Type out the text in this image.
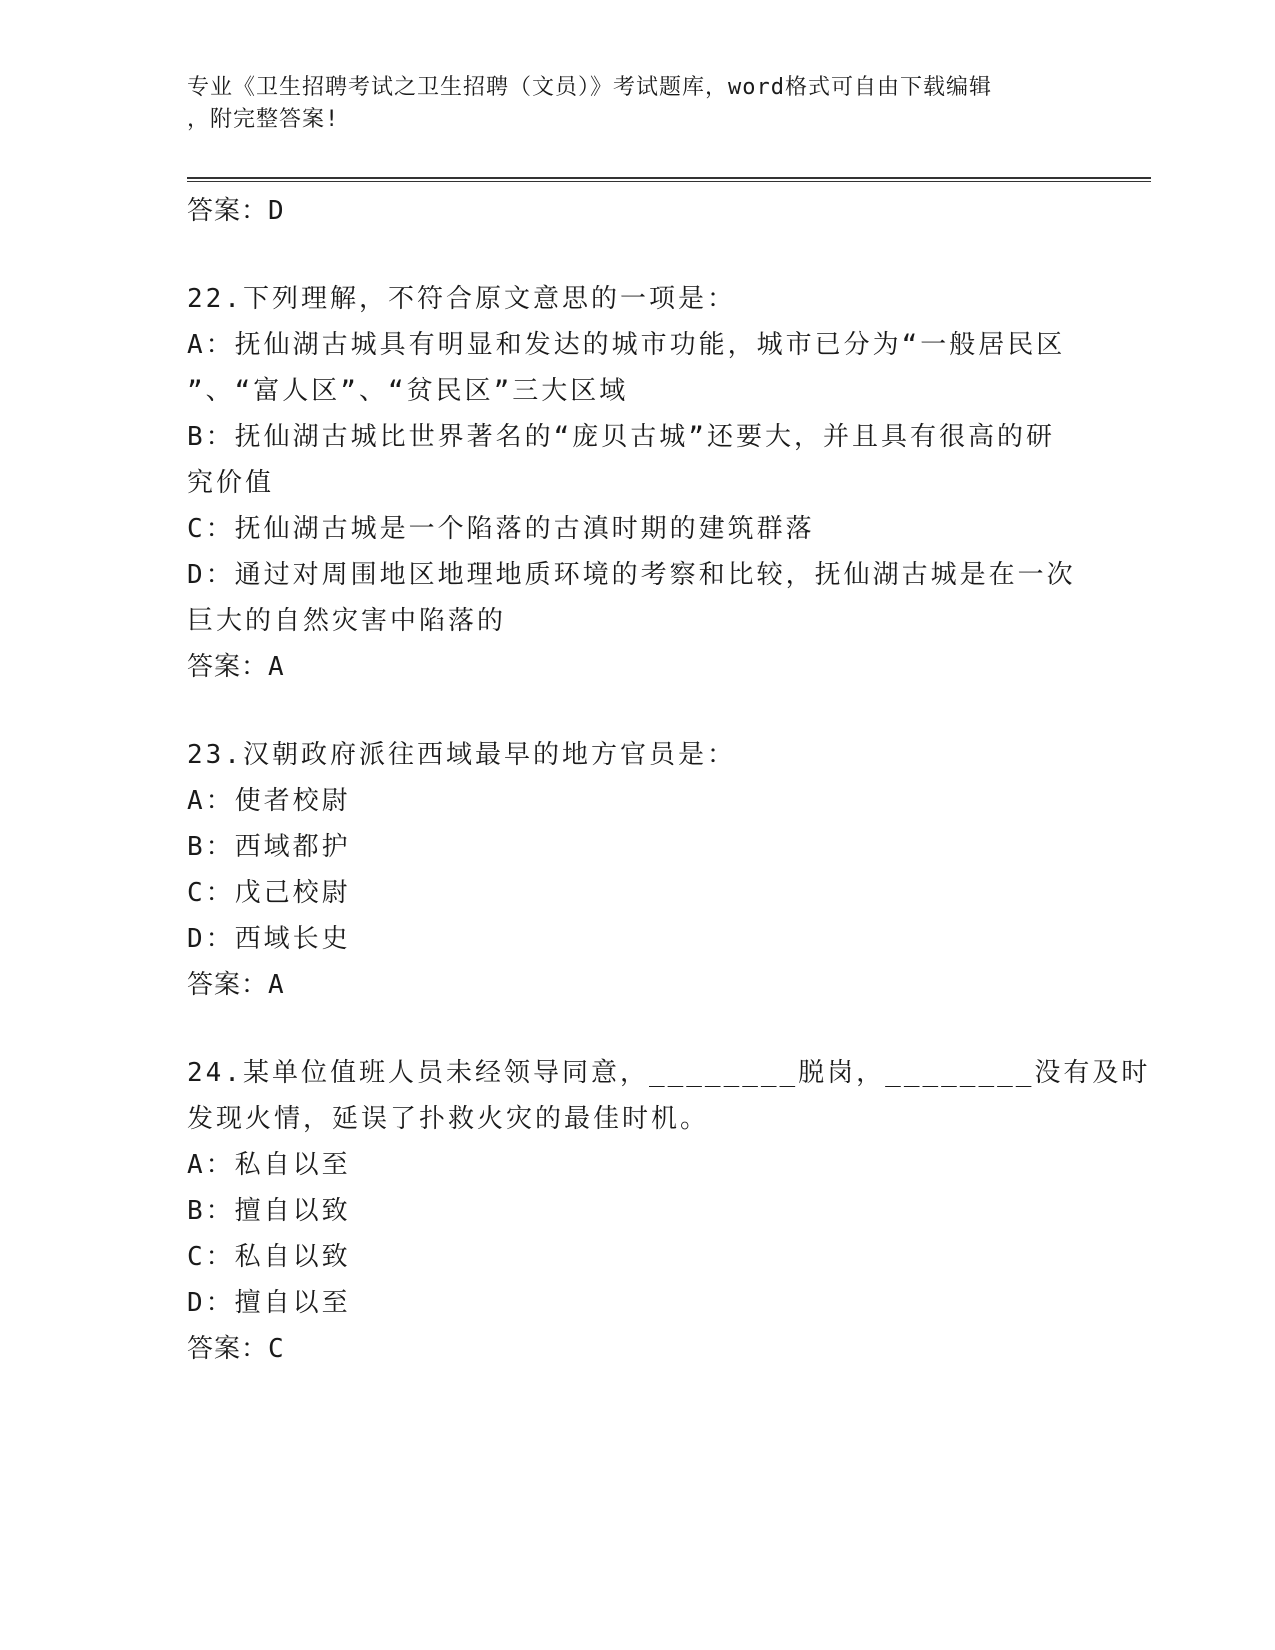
专业《卫生招聘考试之卫生招聘（文员）》考试题库，word格式可自由下载编辑
，附完整答案!
答案：D
22.下列理解，不符合原文意思的一项是：
A：抚仙湖古城具有明显和发达的城市功能，城市已分为“一般居民区
”、“富人区”、“贫民区”三大区域
B：抚仙湖古城比世界著名的“庞贝古城”还要大，并且具有很高的研
究价值
C：抚仙湖古城是一个陷落的古滇时期的建筑群落
D：通过对周围地区地理地质环境的考察和比较，抚仙湖古城是在一次
巨大的自然灾害中陷落的
答案：A
23.汉朝政府派往西域最早的地方官员是：
A：使者校尉
B：西域都护
C：戊己校尉
D：西域长史
答案：A
24.某单位值班人员未经领导同意，________脱岗，________没有及时
发现火情，延误了扑救火灾的最佳时机。
A：私自以至
B：擅自以致
C：私自以致
D：擅自以至
答案：C
